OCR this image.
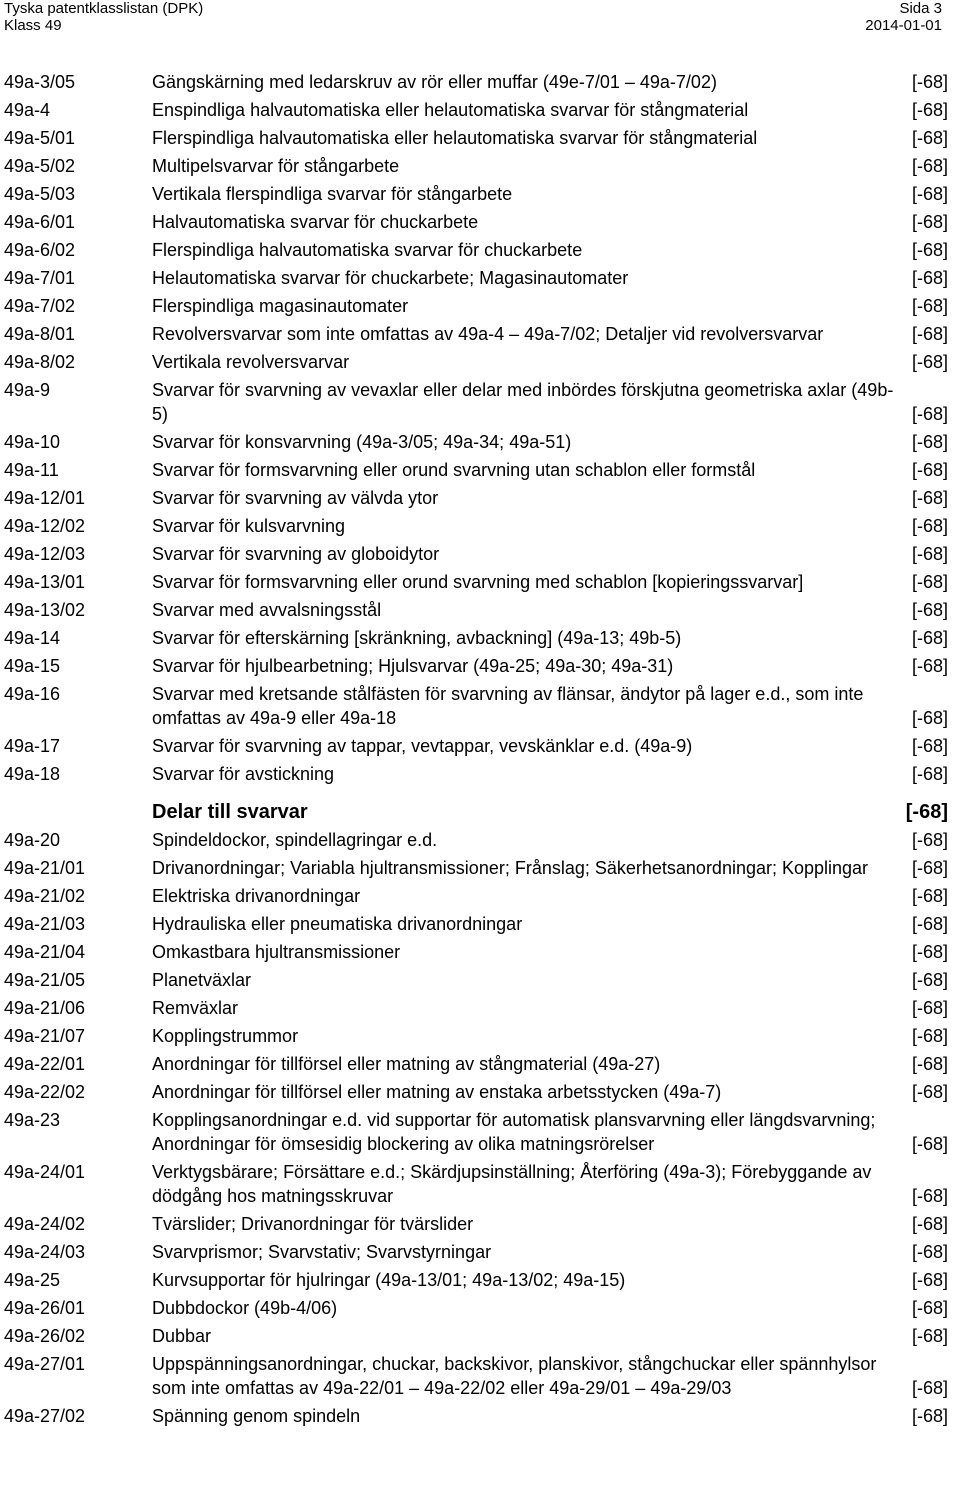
Tyska patentklasslistan (DPK)
Klass 49
Sida 3
2014-01-01
49a-3/05	Gängskärning med ledarskruv av rör eller muffar (49e-7/01 – 49a-7/02)	[-68]
49a-4	Enspindliga halvautomatiska eller helautomatiska svarvar för stångmaterial	[-68]
49a-5/01	Flerspindliga halvautomatiska eller helautomatiska svarvar för stångmaterial	[-68]
49a-5/02	Multipelsvarvar för stångarbete	[-68]
49a-5/03	Vertikala flerspindliga svarvar för stångarbete	[-68]
49a-6/01	Halvautomatiska svarvar för chuckarbete	[-68]
49a-6/02	Flerspindliga halvautomatiska svarvar för chuckarbete	[-68]
49a-7/01	Helautomatiska svarvar för chuckarbete; Magasinautomater	[-68]
49a-7/02	Flerspindliga magasinautomater	[-68]
49a-8/01	Revolversvarvar som inte omfattas av 49a-4 – 49a-7/02; Detaljer vid revolversvarvar	[-68]
49a-8/02	Vertikala revolversvarvar	[-68]
49a-9	Svarvar för svarvning av vevaxlar eller delar med inbördes förskjutna geometriska axlar (49b-5)	[-68]
49a-10	Svarvar för konsvarvning (49a-3/05; 49a-34; 49a-51)	[-68]
49a-11	Svarvar för formsvarvning eller orund svarvning utan schablon eller formstål	[-68]
49a-12/01	Svarvar för svarvning av välvda ytor	[-68]
49a-12/02	Svarvar för kulsvarvning	[-68]
49a-12/03	Svarvar för svarvning av globoidytor	[-68]
49a-13/01	Svarvar för formsvarvning eller orund svarvning med schablon [kopieringssvarvar]	[-68]
49a-13/02	Svarvar med avvalsningsstål	[-68]
49a-14	Svarvar för efterskärning [skränkning, avbackning] (49a-13; 49b-5)	[-68]
49a-15	Svarvar för hjulbearbetning; Hjulsvarvar (49a-25; 49a-30; 49a-31)	[-68]
49a-16	Svarvar med kretsande stålfästen för svarvning av flänsar, ändytor på lager e.d., som inte omfattas av 49a-9 eller 49a-18	[-68]
49a-17	Svarvar för svarvning av tappar, vevtappar, vevskänklar e.d. (49a-9)	[-68]
49a-18	Svarvar för avstickning	[-68]
Delar till svarvar	[-68]
49a-20	Spindeldockor, spindellagringar e.d.	[-68]
49a-21/01	Drivanordningar; Variabla hjultransmissioner; Frånslag; Säkerhetsanordningar; Kopplingar	[-68]
49a-21/02	Elektriska drivanordningar	[-68]
49a-21/03	Hydrauliska eller pneumatiska drivanordningar	[-68]
49a-21/04	Omkastbara hjultransmissioner	[-68]
49a-21/05	Planetväxlar	[-68]
49a-21/06	Remväxlar	[-68]
49a-21/07	Kopplingstrummor	[-68]
49a-22/01	Anordningar för tillförsel eller matning av stångmaterial (49a-27)	[-68]
49a-22/02	Anordningar för tillförsel eller matning av enstaka arbetsstycken (49a-7)	[-68]
49a-23	Kopplingsanordningar e.d. vid supportar för automatisk plansvarvning eller längdsvarvning; Anordningar för ömsesidig blockering av olika matningsrörelser	[-68]
49a-24/01	Verktygsbärare; Försättare e.d.; Skärdjupsinställning; Återföring (49a-3); Förebyggande av dödgång hos matningsskruvar	[-68]
49a-24/02	Tvärslider; Drivanordningar för tvärslider	[-68]
49a-24/03	Svarvprismor; Svarvstativ; Svarvstyrningar	[-68]
49a-25	Kurvsupportar för hjulringar (49a-13/01; 49a-13/02; 49a-15)	[-68]
49a-26/01	Dubbdockor (49b-4/06)	[-68]
49a-26/02	Dubbar	[-68]
49a-27/01	Uppspänningsanordningar, chuckar, backskivor, planskivor, stångchuckar eller spännhylsor som inte omfattas av 49a-22/01 – 49a-22/02 eller 49a-29/01 – 49a-29/03	[-68]
49a-27/02	Spänning genom spindeln	[-68]
